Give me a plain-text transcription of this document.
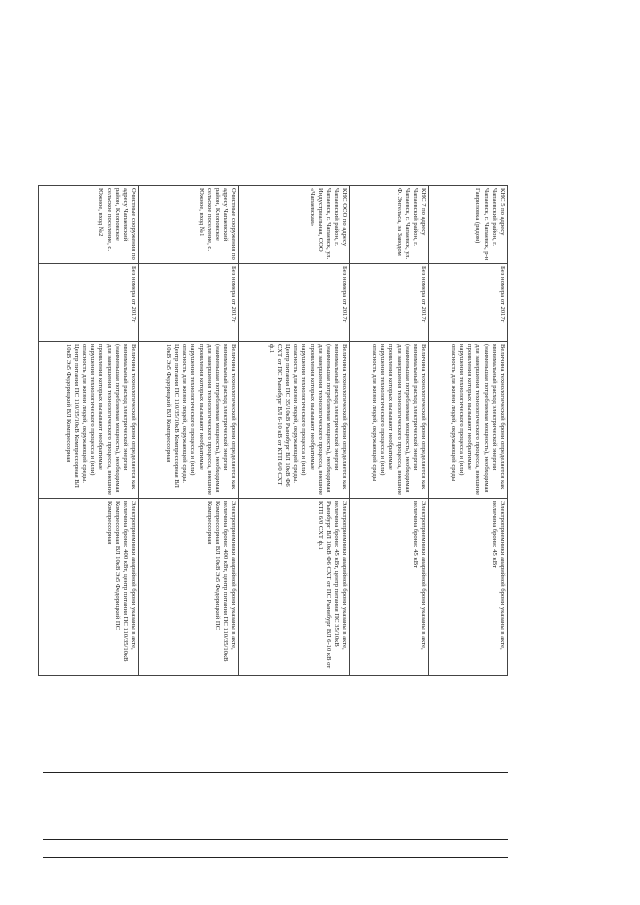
КНС 5 по адресу Чапаевский район, г. Чапаевск, г. Чапаевск, р-н Гавриловка (рядом)	Без номера от 2017г	Величина технологической брони определяется как минимальный расход электрической энергии (наименьшая потребляемая мощность), необходимая для завершения технологического процесса, внешние проявления которых вызывают необратимые нарушения технологического процесса и (или) опасность для жизни людей, окружающей среды	Электроприемники аварийной брони указаны в акте, величина брони: 45 кВт
КНС 7 по адресу Чапаевский район, г. Чапаевск, г. Чапаевск, ул. Ф. Энгельса, за Заводом	Без номера от 2017г	Величина технологической брони определяется как минимальный расход электрической энергии (наименьшая потребляемая мощность), необходимая для завершения технологического процесса, внешние проявления которых вызывают необратимые нарушения технологического процесса и (или) опасность для жизни людей, окружающей среды	Электроприемники аварийной брони указаны в акте, величина брони: 45 кВт
КНС ОСО по адресу Чапаевский район, г. Чапаевск, г. Чапаевск, ул. Индустриальная, СОО «Чапаевская»	Без номера от 2017г	Величина технологической брони определяется как минимальный расход электрической энергии (наименьшая потребляемая мощность), необходимая для завершения технологического процесса, внешние проявления которых вызывают необратимые нарушения технологического процесса и (или) опасность для жизни людей, окружающей среды. Центр питания ПС 35/10кВ Рынибург ВЛ 10кВ Ф6 СХТ от ПС Рынибург ВЛ 6-10 кВ от КТП 6/0 СХТ ф.1	Электроприемники аварийной брони указаны в акте, величина брони: 45 кВт, центр питания ПС 35/10кВ Рынибург ВЛ 10кВ Ф6 СХТ от ПС Рынибург ВЛ 6-10 кВ от КТП 6/0 СХТ ф.1
Очистные сооружения по адресу Чапаевский район, Клоповское сельское поселение, с. Южное, вход №1	Без номера от 2017г	Величина технологической брони определяется как минимальный расход электрической энергии (наименьшая потребляемая мощность), необходимая для завершения технологического процесса, внешние проявления которых вызывают необратимые нарушения технологического процесса и (или) опасность для жизни людей, окружающей среды. Центр питания ПС 110/35/10кВ Компрессорная ВЛ 10кВ Эз5 Федорицкий ВЛ Компрессорная	Электроприемники аварийной брони указаны в акте, величина брони: 400 кВт, центр питания ПС 110/35/10кВ Компрессорная ВЛ 10кВ Эз5 Федорицкий ПС Компрессорная
Очистные сооружения по адресу Чапаевский район, Клоповское сельское поселение, с. Южное, вход №2	Без номера от 2017г	Величина технологической брони определяется как минимальный расход электрической энергии (наименьшая потребляемая мощность), необходимая для завершения технологического процесса, внешние проявления которых вызывают необратимые нарушения технологического процесса и (или) опасность для жизни людей, окружающей среды. Центр питания ПС 110/35/10кВ Компрессорная ВЛ 10кВ Эз5 Федорицкий ВЛ Компрессорная	Электроприемники аварийной брони указаны в акте, величина брони: 400 кВт, центр питания ПС 110/35/10кВ Компрессорная ВЛ 10кВ Эз5 Федорицкий ПС Компрессорная
